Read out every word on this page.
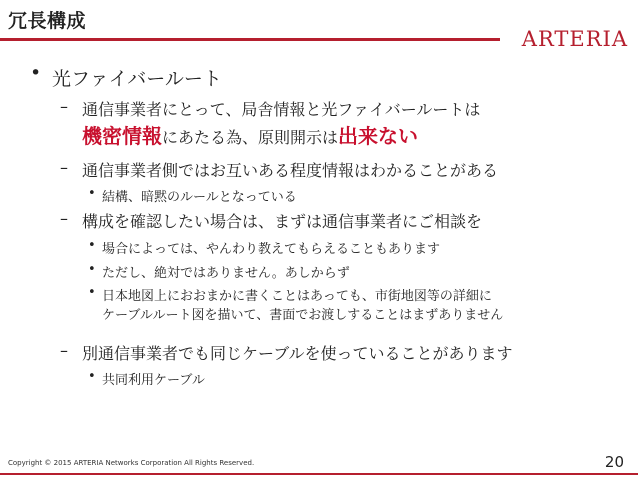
冗長構成
ARTERIA
• 光ファイバールート
– 通信事業者にとって、局舎情報と光ファイバールートは
機密情報にあたる為、原則開示は出来ない
– 通信事業者側ではお互いある程度情報はわかることがある
• 結構、暗黙のルールとなっている
– 構成を確認したい場合は、まずは通信事業者にご相談を
• 場合によっては、やんわり教えてもらえることもあります
• ただし、絶対ではありません。あしからず
• 日本地図上におおまかに書くことはあっても、市街地図等の詳細に
ケーブルルート図を描いて、書面でお渡しすることはまずありません
– 別通信事業者でも同じケーブルを使っていることがあります
• 共同利用ケーブル
Copyright © 2015 ARTERIA Networks Corporation All Rights Reserved.	20
